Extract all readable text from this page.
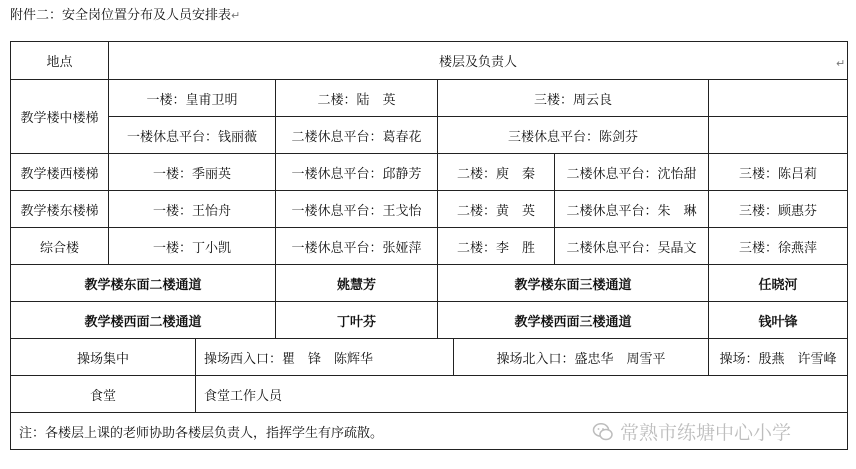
附件二：安全岗位置分布及人员安排表↵
地点	楼层及负责人						
教学楼中楼梯	一楼：皇甫卫明		二楼：陆　英	三楼：周云良			
	一楼休息平台：钱丽薇		二楼休息平台：葛春花	三楼休息平台：陈剑芬			
教学楼西楼梯	一楼：季丽英		一楼休息平台：邱静芳	二楼：庾　秦		二楼休息平台：沈怡甜	三楼：陈吕莉
教学楼东楼梯	一楼：王怡舟		一楼休息平台：王戈怡	二楼：黄　英		二楼休息平台：朱　琳	三楼：顾惠芬
综合楼	一楼：丁小凯		一楼休息平台：张娅萍	二楼：李　胜		二楼休息平台：吴晶文	三楼：徐燕萍
教学楼东面二楼通道			姚慧芳	教学楼东面三楼通道			任晓河
教学楼西面二楼通道			丁叶芬	教学楼西面三楼通道			钱叶锋
操场集中		操场西入口：瞿　锋　陈辉华			操场北入口：盛忠华　周雪平		操场：殷燕　许雪峰
食堂		食堂工作人员					
注：各楼层上课的老师协助各楼层负责人，指挥学生有序疏散。							
↵
常熟市练塘中心小学
